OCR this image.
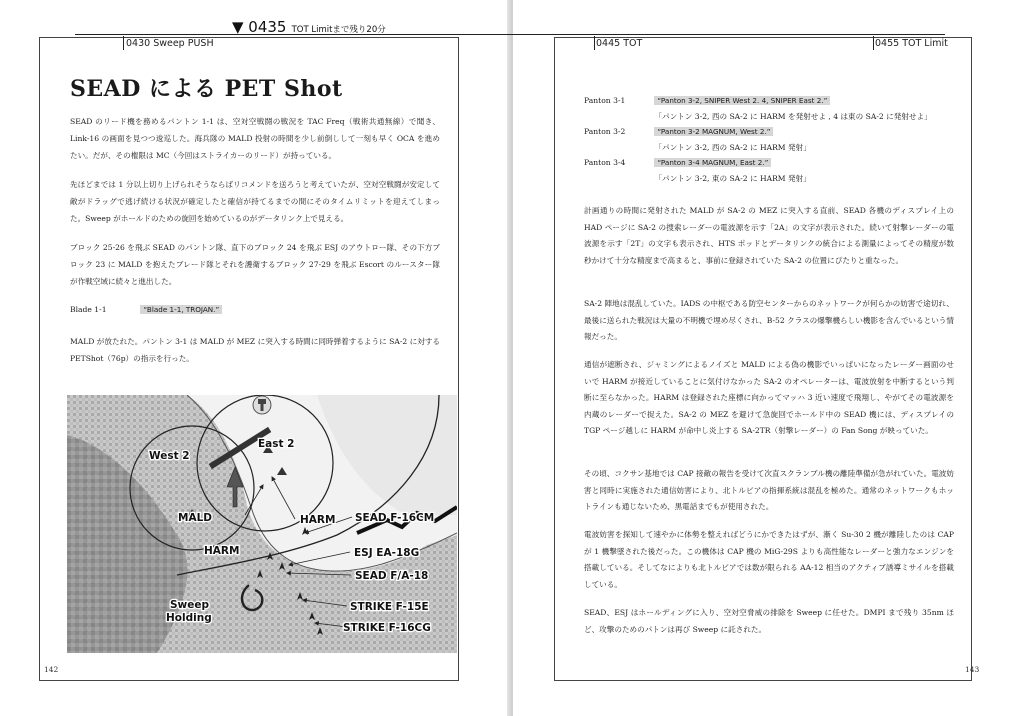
0430 Sweep PUSH
SEAD による PET Shot

SEAD のリード機を務めるパントン 1-1 は、空対空戦闘の戦況を TAC Freq（戦術共通無線）で聞き、Link-16 の画面を見つつ逡巡した。海兵隊の MALD 投射の時間を少し前倒しして一刻も早く OCA を進めたい。だが、その権限は MC（今回はストライカーのリード）が持っている。

先ほどまでは 1 分以上切り上げられそうならばリコメンドを送ろうと考えていたが、空対空戦闘が安定して敵がドラッグで逃げ続ける状況が確定したと確信が持てるまでの間にそのタイムリミットを迎えてしまった。Sweep がホールドのための旋回を始めているのがデータリンク上で見える。

ブロック 25-26 を飛ぶ SEAD のパントン隊、直下のブロック 24 を飛ぶ ESJ のアウトロー隊、その下方ブロック 23 に MALD を抱えたブレード隊とそれを護衛するブロック 27-29 を飛ぶ Escort のルースター隊が作戦空域に続々と進出した。

Blade 1-1	“Blade 1-1, TROJAN.”

MALD が放たれた。パントン 3-1 は MALD が MEZ に突入する時間に同時弾着するように SA-2 に対する PETShot（76p）の指示を行った。

West 2
East 2
MALD	HARM
HARM
SEAD F-16CM
ESJ EA-18G
SEAD F/A-18
Sweep
Holding
STRIKE F-15E
STRIKE F-16CG
142
0445 TOT	0455 TOT Limit
Panton 3-1	“Panton 3-2, SNIPER West 2. 4, SNIPER East 2.”
「パントン 3-2, 西の SA-2 に HARM を発射せよ , 4 は東の SA-2 に発射せよ」
Panton 3-2	“Panton 3-2 MAGNUM, West 2.”
「パントン 3-2, 西の SA-2 に HARM 発射」
Panton 3-4	“Panton 3-4 MAGNUM, East 2.”
「パントン 3-2, 東の SA-2 に HARM 発射」

計画通りの時間に発射された MALD が SA-2 の MEZ に突入する直前、SEAD 各機のディスプレイ上の HAD ページに SA-2 の捜索レーダーの電波源を示す「2A」の文字が表示された。続いて射撃レーダーの電波源を示す「2T」の文字も表示され、HTS ポッドとデータリンクの統合による測量によってその精度が数秒かけて十分な精度まで高まると、事前に登録されていた SA-2 の位置にぴたりと重なった。

SA-2 陣地は混乱していた。IADS の中枢である防空センターからのネットワークが何らかの妨害で途切れ、最後に送られた戦況は大量の不明機で埋め尽くされ、B-52 クラスの爆撃機らしい機影を含んでいるという情報だった。

通信が遮断され、ジャミングによるノイズと MALD による偽の機影でいっぱいになったレーダー画面のせいで HARM が接近していることに気付けなかった SA-2 のオペレーターは、電波放射を中断するという判断に至らなかった。HARM は登録された座標に向かってマッハ 3 近い速度で飛翔し、やがてその電波源を内蔵のレーダーで捉えた。SA-2 の MEZ を避けて急旋回でホールド中の SEAD 機には、ディスプレイの TGP ページ越しに HARM が命中し炎上する SA-2TR（射撃レーダー）の Fan Song が映っていた。

その頃、コクサン基地では CAP 接敵の報告を受けて次直スクランブル機の離陸準備が急がれていた。電波妨害と同時に実施された通信妨害により、北トルビアの指揮系統は混乱を極めた。通常のネットワークもホットラインも通じないため、黒電話までもが使用された。

電波妨害を探知して速やかに体勢を整えればどうにかできたはずが、漸く Su-30 2 機が離陸したのは CAP が 1 機撃墜された後だった。この機体は CAP 機の MiG-29S よりも高性能なレーダーと強力なエンジンを搭載している。そしてなによりも北トルビアでは数が限られる AA-12 相当のアクティブ誘導ミサイルを搭載している。

SEAD、ESJ はホールディングに入り、空対空脅威の排除を Sweep に任せた。DMPI まで残り 35nm ほど、攻撃のためのパトンは再び Sweep に託された。

143
▼ 0435 TOT Limitまで残り20分
